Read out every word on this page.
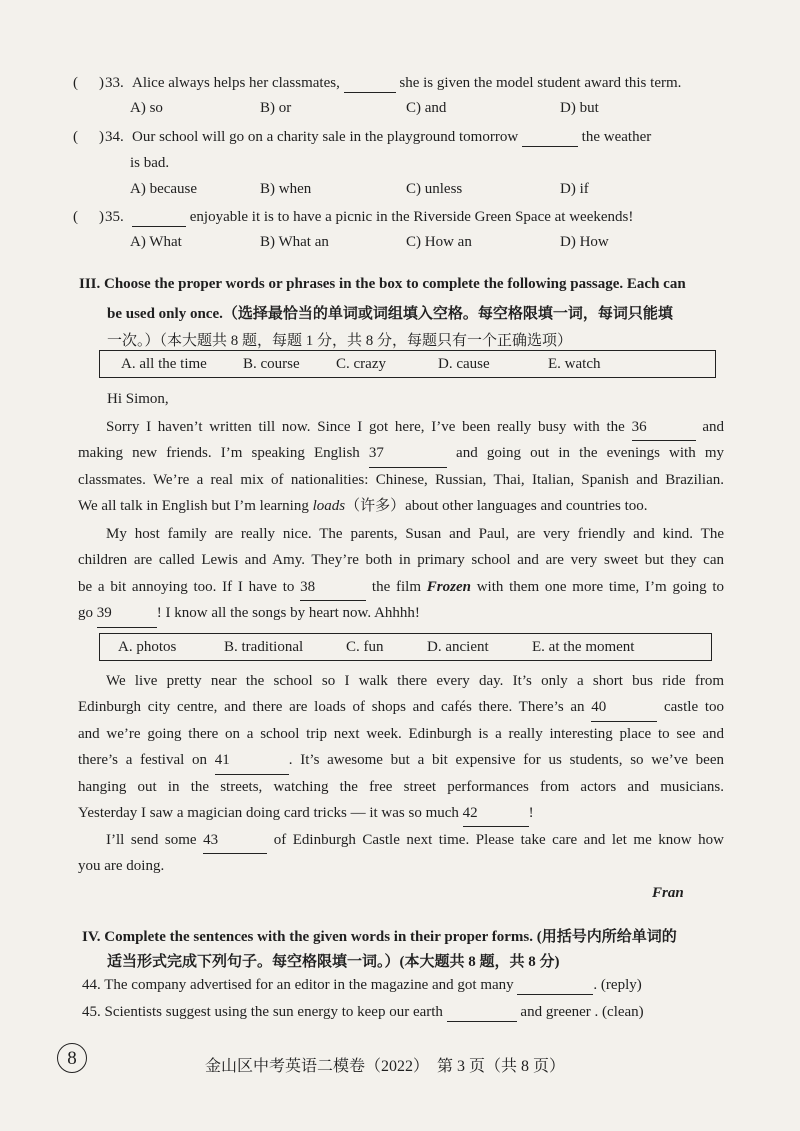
( ) 33. Alice always helps her classmates,	she is given the model student award this term.
A) so	B) or	C) and	D) but
( ) 34. Our school will go on a charity sale in the playground tomorrow	the weather
is bad.
A) because	B) when	C) unless	D) if
( ) 35.	enjoyable it is to have a picnic in the Riverside Green Space at weekends!
A) What	B) What an	C) How an	D) How
III. Choose the proper words or phrases in the box to complete the following passage. Each can
be used only once.（选择最恰当的单词或词组填入空格。每空格限填一词，每词只能填
一次。）（本大题共 8 题，每题 1 分，共 8 分，每题只有一个正确选项）
A. all the time B. course C. crazy	D. cause	E. watch
Hi Simon,
Sorry I haven’t written till now. Since I got here, I’ve been really busy with the 36	and
making new friends. I’m speaking English 37	and going out in the evenings with my
classmates. We’re a real mix of nationalities: Chinese, Russian, Thai, Italian, Spanish and Brazilian.
We all talk in English but I’m learning loads（许多）about other languages and countries too.
My host family are really nice. The parents, Susan and Paul, are very friendly and kind. The
children are called Lewis and Amy. They’re both in primary school and are very sweet but they can
be a bit annoying too. If I have to 38	the film Frozen with them one more time, I’m going to
go 39	! I know all the songs by heart now. Ahhhh!
A. photos	B. traditional	C. fun	D. ancient	E. at the moment
We live pretty near the school so I walk there every day. It’s only a short bus ride from
Edinburgh city centre, and there are loads of shops and cafés there. There’s an 40	castle too
and we’re going there on a school trip next week. Edinburgh is a really interesting place to see and
there’s a festival on 41	. It’s awesome but a bit expensive for us students, so we’ve been
hanging out in the streets, watching the free street performances from actors and musicians.
Yesterday I saw a magician doing card tricks — it was so much 42	!
I’ll send some 43	of Edinburgh Castle next time. Please take care and let me know how
you are doing.
Fran
IV. Complete the sentences with the given words in their proper forms. (用括号内所给单词的
适当形式完成下列句子。每空格限填一词。）(本大题共 8 题，共 8 分)
44. The company advertised for an editor in the magazine and got many	. (reply)
45. Scientists suggest using the sun energy to keep our earth	and greener . (clean)
8	金山区中考英语二模卷（2022）　第 3 页（共 8 页）
